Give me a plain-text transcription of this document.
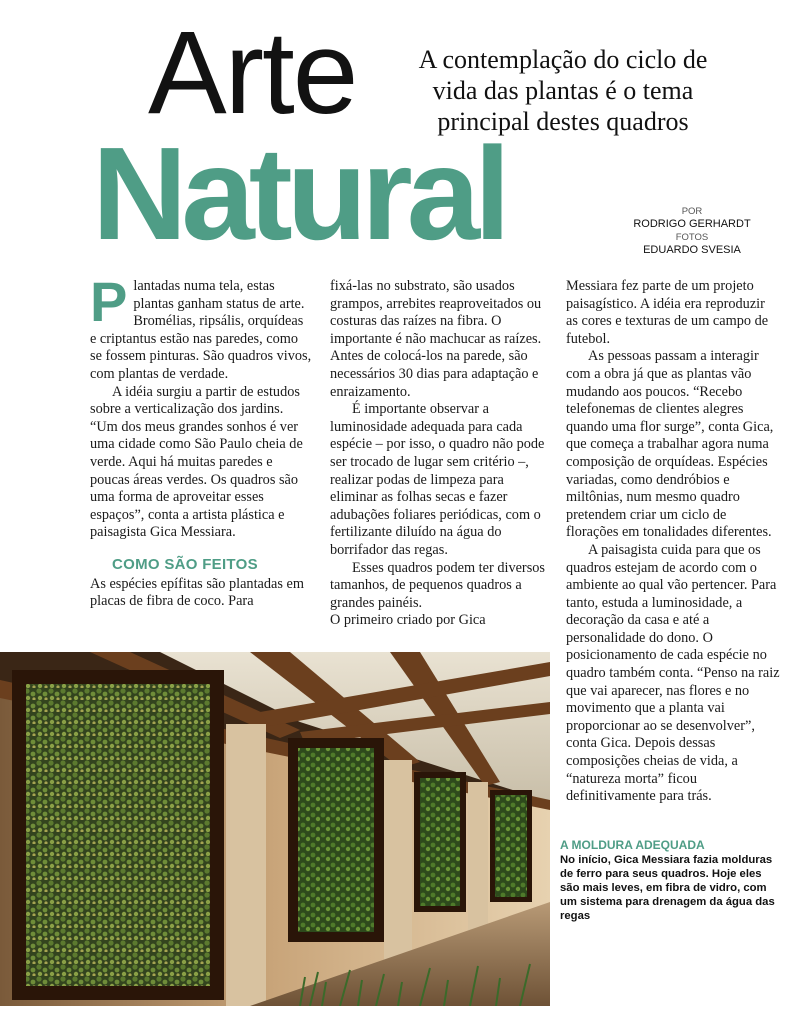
Arte
Natural
A contemplação do ciclo de vida das plantas é o tema principal destes quadros
POR
RODRIGO GERHARDT
FOTOS
EDUARDO SVESIA

Plantadas numa tela, estas plantas ganham status de arte. Bromélias, ripsális, orquídeas e criptantus estão nas paredes, como se fossem pinturas. São quadros vivos, com plantas de verdade.

A idéia surgiu a partir de estudos sobre a verticalização dos jardins. “Um dos meus grandes sonhos é ver uma cidade como São Paulo cheia de verde. Aqui há muitas paredes e poucas áreas verdes. Os quadros são uma forma de aproveitar esses espaços”, conta a artista plástica e paisagista Gica Messiara.

COMO SÃO FEITOS

As espécies epífitas são plantadas em placas de fibra de coco. Para

fixá-las no substrato, são usados grampos, arrebites reaproveitados ou costuras das raízes na fibra. O importante é não machucar as raízes. Antes de colocá-los na parede, são necessários 30 dias para adaptação e enraizamento.

É importante observar a luminosidade adequada para cada espécie – por isso, o quadro não pode ser trocado de lugar sem critério –, realizar podas de limpeza para eliminar as folhas secas e fazer adubações foliares periódicas, com o fertilizante diluído na água do borrifador das regas.

Esses quadros podem ter diversos tamanhos, de pequenos quadros a grandes painéis.

O primeiro criado por Gica

Messiara fez parte de um projeto paisagístico. A idéia era reproduzir as cores e texturas de um campo de futebol.

As pessoas passam a interagir com a obra já que as plantas vão mudando aos poucos. “Recebo telefonemas de clientes alegres quando uma flor surge”, conta Gica, que começa a trabalhar agora numa composição de orquídeas. Espécies variadas, como dendróbios e miltônias, num mesmo quadro pretendem criar um ciclo de florações em tonalidades diferentes.

A paisagista cuida para que os quadros estejam de acordo com o ambiente ao qual vão pertencer. Para tanto, estuda a luminosidade, a decoração da casa e até a personalidade do dono. O posicionamento de cada espécie no quadro também conta. “Penso na raiz que vai aparecer, nas flores e no movimento que a planta vai proporcionar ao se desenvolver”, conta Gica. Depois dessas composições cheias de vida, a “natureza morta” ficou definitivamente para trás.

A MOLDURA ADEQUADA
No início, Gica Messiara fazia molduras de ferro para seus quadros. Hoje eles são mais leves, em fibra de vidro, com um sistema para drenagem da água das regas
